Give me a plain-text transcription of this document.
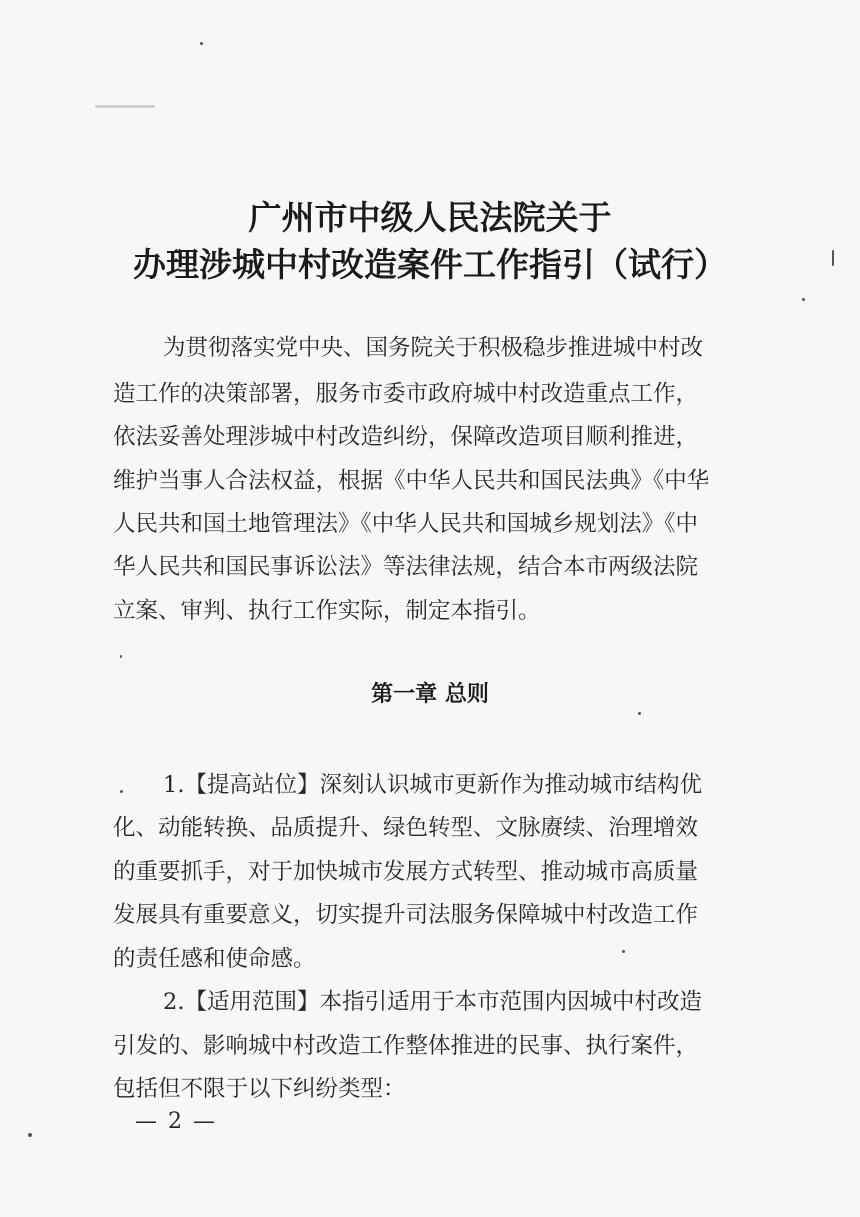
广州市中级人民法院关于
办理涉城中村改造案件工作指引（试行）
为贯彻落实党中央、国务院关于积极稳步推进城中村改
造工作的决策部署，服务市委市政府城中村改造重点工作，
依法妥善处理涉城中村改造纠纷，保障改造项目顺利推进，
维护当事人合法权益，根据《中华人民共和国民法典》《中华
人民共和国土地管理法》《中华人民共和国城乡规划法》《中
华人民共和国民事诉讼法》等法律法规，结合本市两级法院
立案、审判、执行工作实际，制定本指引。
第一章 总则
1.【提高站位】深刻认识城市更新作为推动城市结构优
化、动能转换、品质提升、绿色转型、文脉赓续、治理增效
的重要抓手，对于加快城市发展方式转型、推动城市高质量
发展具有重要意义，切实提升司法服务保障城中村改造工作
的责任感和使命感。
2.【适用范围】本指引适用于本市范围内因城中村改造
引发的、影响城中村改造工作整体推进的民事、执行案件，
包括但不限于以下纠纷类型：
— 2 —
